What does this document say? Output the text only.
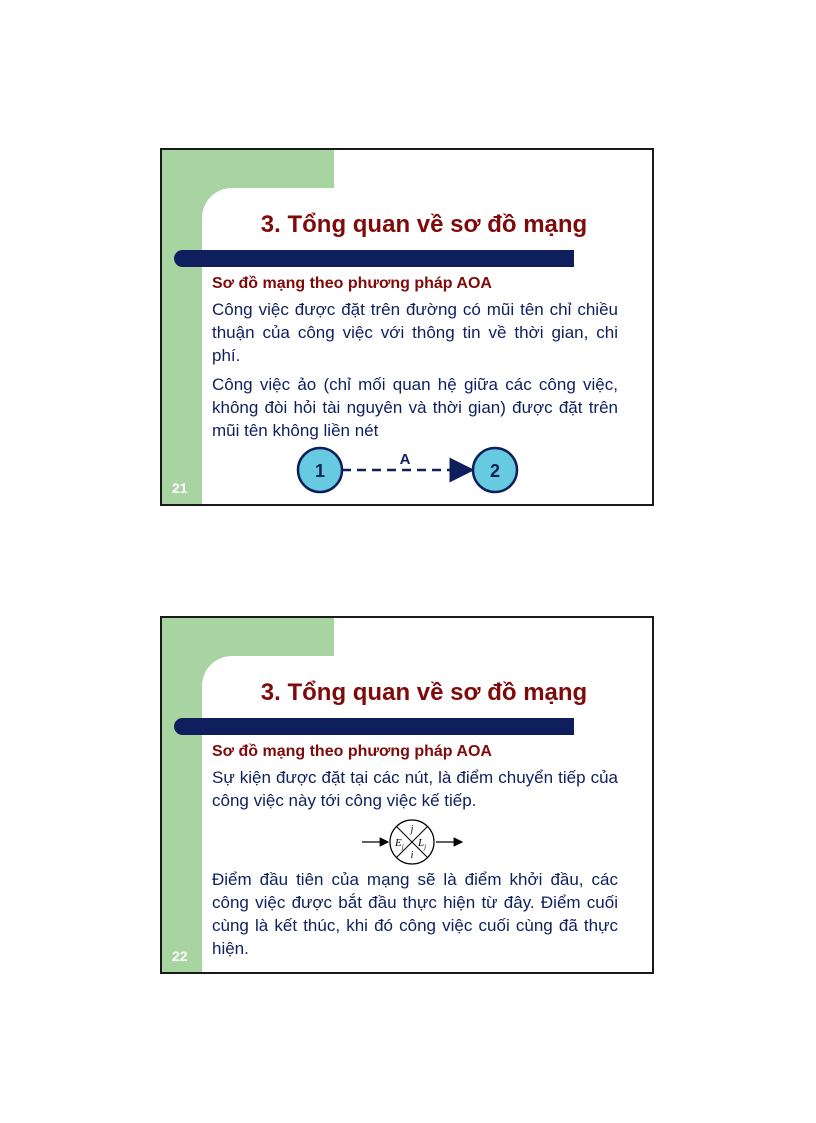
3. Tổng quan về sơ đồ mạng

Sơ đồ mạng theo phương pháp AOA

Công việc được đặt trên đường có mũi tên chỉ chiều thuận của công việc với thông tin về thời gian, chi phí.

Công việc ảo (chỉ mối quan hệ giữa các công việc, không đòi hỏi tài nguyên và thời gian) được đặt trên mũi tên không liền nét

1	2
A
21
3. Tổng quan về sơ đồ mạng

Sơ đồ mạng theo phương pháp AOA

Sự kiện được đặt tại các nút, là điểm chuyển tiếp của công việc này tới công việc kế tiếp.

j
i
$E_j$ $L_j$

Điểm đầu tiên của mạng sẽ là điểm khởi đầu, các công việc được bắt đầu thực hiện từ đây. Điểm cuối cùng là kết thúc, khi đó công việc cuối cùng đã thực hiện.

22
